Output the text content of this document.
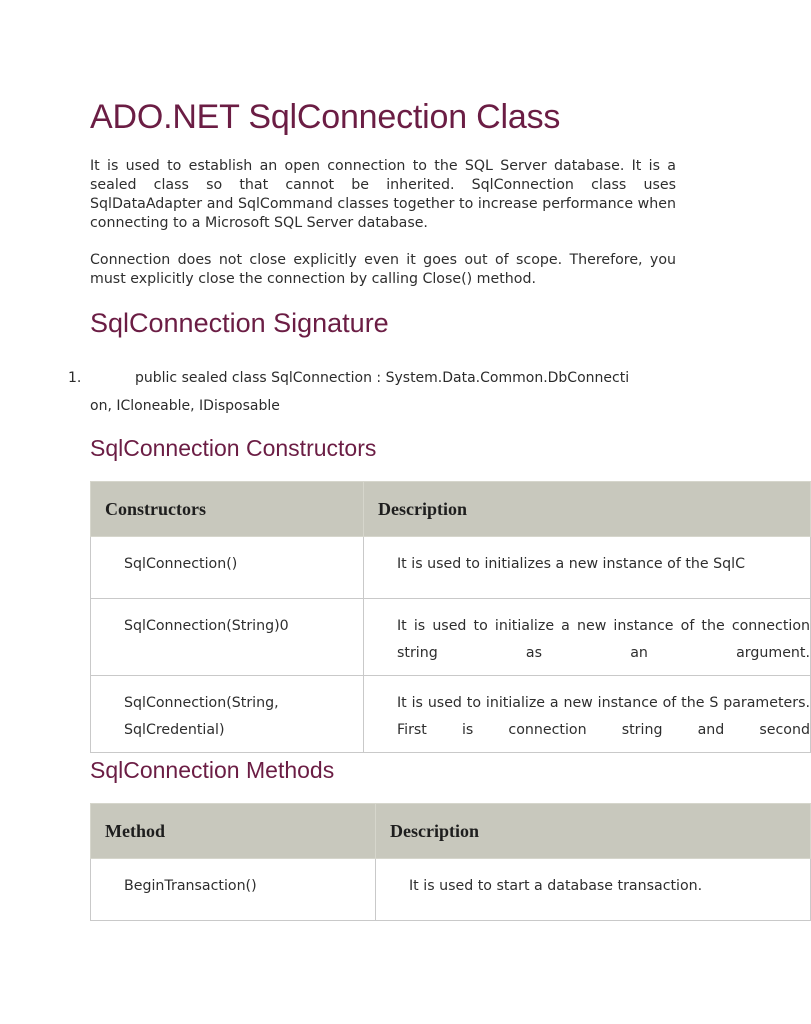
ADO.NET SqlConnection Class

It is used to establish an open connection to the SQL Server database. It is a sealed class so that cannot be inherited. SqlConnection class uses SqlDataAdapter and SqlCommand classes together to increase performance when connecting to a Microsoft SQL Server database.

Connection does not close explicitly even it goes out of scope. Therefore, you must explicitly close the connection by calling Close() method.

SqlConnection Signature
1.	public sealed class SqlConnection : System.Data.Common.DbConnecti
on, ICloneable, IDisposable
SqlConnection Constructors
Constructors	Description
SqlConnection()	It is used to initializes a new instance of the SqlC
SqlConnection(String)0	It is used to initialize a new instance of the connection string as an argument.
SqlConnection(String, SqlCredential)	It is used to initialize a new instance of the S parameters. First is connection string and second
SqlConnection Methods
Method	Description
BeginTransaction()	It is used to start a database transaction.
